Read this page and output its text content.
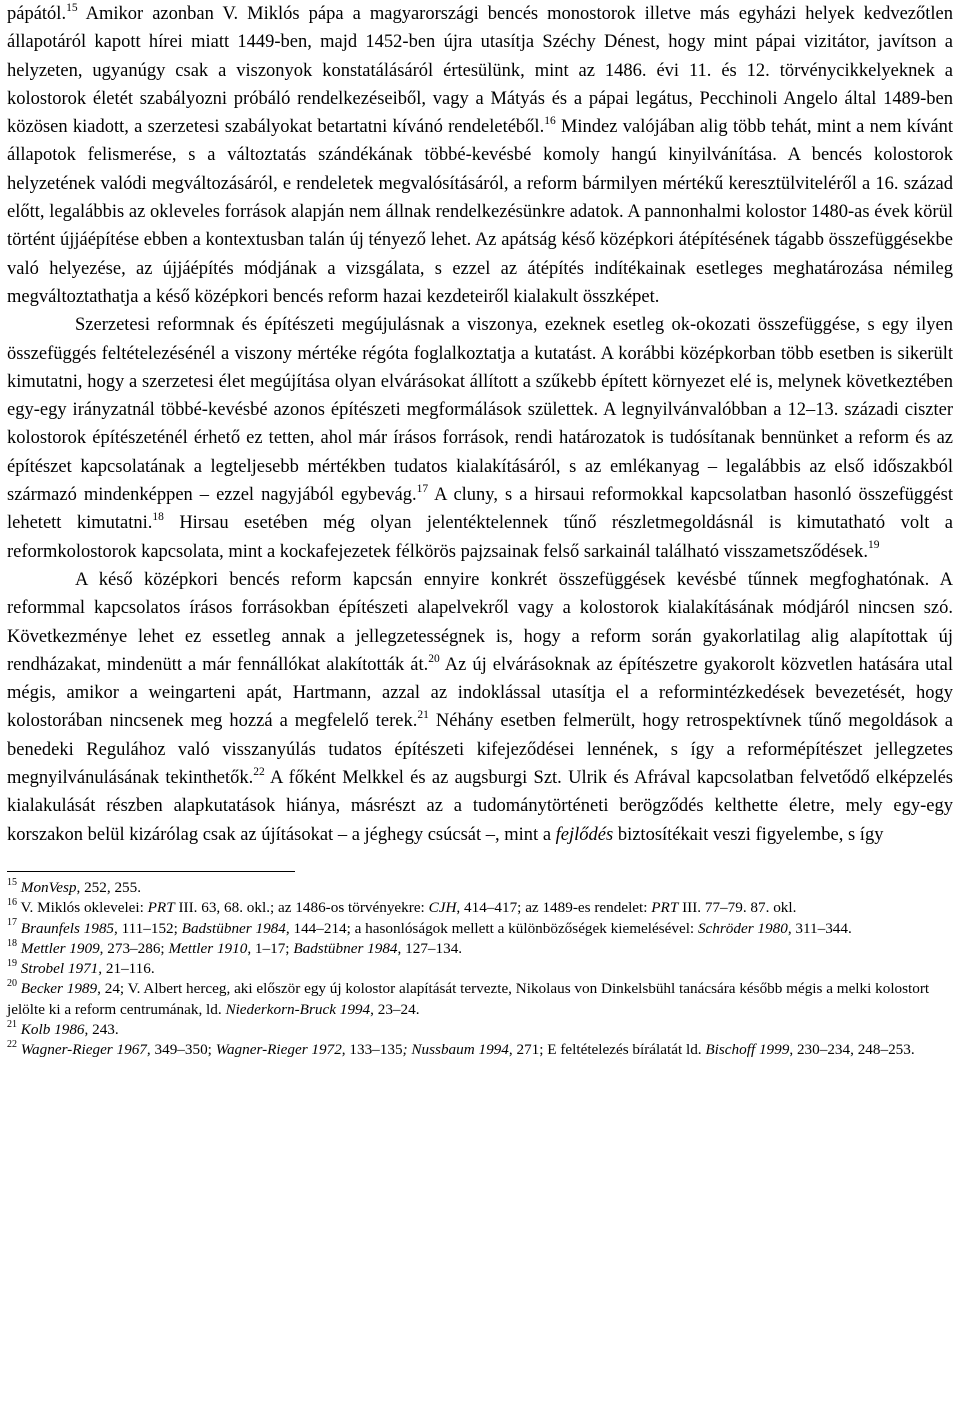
pápától.$^{15}$ Amikor azonban V. Miklós pápa a magyarországi bencés monostorok illetve más egyházi helyek kedvezőtlen állapotáról kapott hírei miatt 1449-ben, majd 1452-ben újra utasítja Széchy Dénest, hogy mint pápai vizitátor, javítson a helyzeten, ugyanúgy csak a viszonyok konstatálásáról értesülünk, mint az 1486. évi 11. és 12. törvénycikkelyeknek a kolostorok életét szabályozni próbáló rendelkezéseiből, vagy a Mátyás és a pápai legátus, Pecchinoli Angelo által 1489-ben közösen kiadott, a szerzetesi szabályokat betartatni kívánó rendeletéből.$^{16}$ Mindez valójában alig több tehát, mint a nem kívánt állapotok felismerése, s a változtatás szándékának többé-kevésbé komoly hangú kinyilvánítása. A bencés kolostorok helyzetének valódi megváltozásáról, e rendeletek megvalósításáról, a reform bármilyen mértékű keresztülviteléről a 16. század előtt, legalábbis az okleveles források alapján nem állnak rendelkezésünkre adatok. A pannonhalmi kolostor 1480-as évek körül történt újjáépítése ebben a kontextusban talán új tényező lehet. Az apátság késő középkori átépítésének tágabb összefüggésekbe való helyezése, az újjáépítés módjának a vizsgálata, s ezzel az átépítés indítékainak esetleges meghatározása némileg megváltoztathatja a késő középkori bencés reform hazai kezdeteiről kialakult összképet.

Szerzetesi reformnak és építészeti megújulásnak a viszonya, ezeknek esetleg ok-okozati összefüggése, s egy ilyen összefüggés feltételezésénél a viszony mértéke régóta foglalkoztatja a kutatást. A korábbi középkorban több esetben is sikerült kimutatni, hogy a szerzetesi élet megújítása olyan elvárásokat állított a szűkebb épített környezet elé is, melynek következtében egy-egy irányzatnál többé-kevésbé azonos építészeti megformálások születtek. A legnyilvánvalóbban a 12–13. századi ciszter kolostorok építészeténél érhető ez tetten, ahol már írásos források, rendi határozatok is tudósítanak bennünket a reform és az építészet kapcsolatának a legteljesebb mértékben tudatos kialakításáról, s az emlékanyag – legalábbis az első időszakból származó mindenképpen – ezzel nagyjából egybevág.$^{17}$ A cluny, s a hirsaui reformokkal kapcsolatban hasonló összefüggést lehetett kimutatni.$^{18}$ Hirsau esetében még olyan jelentéktelennek tűnő részletmegoldásnál is kimutatható volt a reformkolostorok kapcsolata, mint a kockafejezetek félkörös pajzsainak felső sarkainál található visszametsződések.$^{19}$

A késő középkori bencés reform kapcsán ennyire konkrét összefüggések kevésbé tűnnek megfoghatónak. A reformmal kapcsolatos írásos forrásokban építészeti alapelvekről vagy a kolostorok kialakításának módjáról nincsen szó. Következménye lehet ez essetleg annak a jellegzetességnek is, hogy a reform során gyakorlatilag alig alapítottak új rendházakat, mindenütt a már fennállókat alakították át.$^{20}$ Az új elvárásoknak az építészetre gyakorolt közvetlen hatására utal mégis, amikor a weingarteni apát, Hartmann, azzal az indoklással utasítja el a reformintézkedések bevezetését, hogy kolostorában nincsenek meg hozzá a megfelelő terek.$^{21}$ Néhány esetben felmerült, hogy retrospektívnek tűnő megoldások a benedeki Regulához való visszanyúlás tudatos építészeti kifejeződései lennének, s így a reformépítészet jellegzetes megnyilvánulásának tekinthetők.$^{22}$ A főként Melkkel és az augsburgi Szt. Ulrik és Afrával kapcsolatban felvetődő elképzelés kialakulását részben alapkutatások hiánya, másrészt az a tudománytörténeti berögződés kelthette életre, mely egy-egy korszakon belül kizárólag csak az újításokat – a jéghegy csúcsát –, mint a fejlődés biztosítékait veszi figyelembe, s így

$^{15}$ MonVesp, 252, 255.

$^{16}$ V. Miklós oklevelei: PRT III. 63, 68. okl.; az 1486-os törvényekre: CJH, 414–417; az 1489-es rendelet: PRT III. 77–79. 87. okl.

$^{17}$ Braunfels 1985, 111–152; Badstübner 1984, 144–214; a hasonlóságok mellett a különbözőségek kiemelésével: Schröder 1980, 311–344.

$^{18}$ Mettler 1909, 273–286; Mettler 1910, 1–17; Badstübner 1984, 127–134.

$^{19}$ Strobel 1971, 21–116.

$^{20}$ Becker 1989, 24; V. Albert herceg, aki először egy új kolostor alapítását tervezte, Nikolaus von Dinkelsbühl tanácsára később mégis a melki kolostort jelölte ki a reform centrumának, ld. Niederkorn-Bruck 1994, 23–24.

$^{21}$ Kolb 1986, 243.

$^{22}$ Wagner-Rieger 1967, 349–350; Wagner-Rieger 1972, 133–135; Nussbaum 1994, 271; E feltételezés bírálatát ld. Bischoff 1999, 230–234, 248–253.
